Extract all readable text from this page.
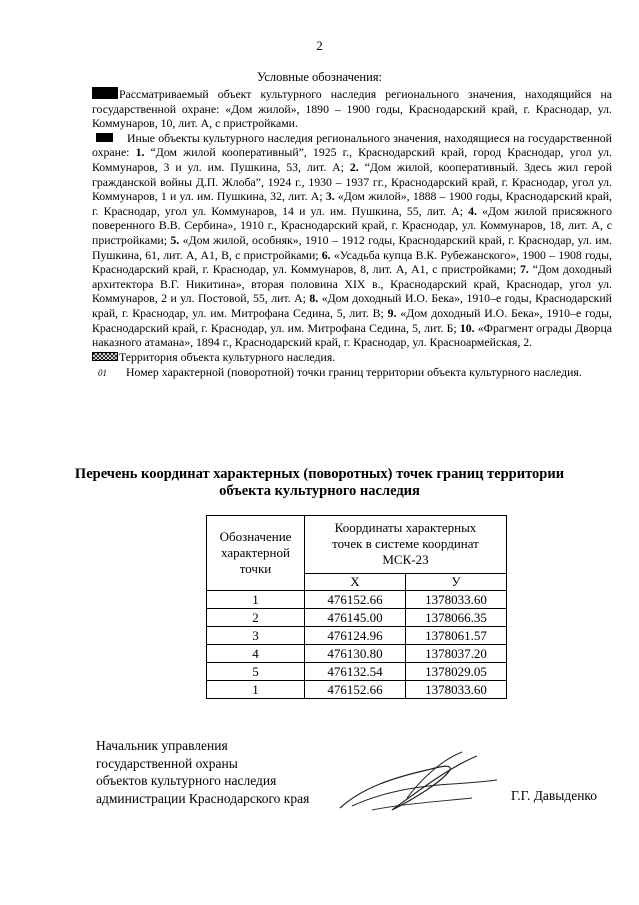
2
Условные обозначения:

Рассматриваемый объект культурного наследия регионального значения, находящийся на государственной охране: «Дом жилой», 1890 – 1900 годы, Краснодарский край, г. Краснодар, ул. Коммунаров, 10, лит. А, с пристройками.

Иные объекты культурного наследия регионального значения, находящиеся на государственной охране: 1. “Дом жилой кооперативный”, 1925 г., Краснодарский край, город Краснодар, угол ул. Коммунаров, 3 и ул. им. Пушкина, 53, лит. А; 2. “Дом жилой, кооперативный. Здесь жил герой гражданской войны Д.П. Жлоба”, 1924 г., 1930 – 1937 гг., Краснодарский край, г. Краснодар, угол ул. Коммунаров, 1 и ул. им. Пушкина, 32, лит. А; 3. «Дом жилой», 1888 – 1900 годы, Краснодарский край, г. Краснодар, угол ул. Коммунаров, 14 и ул. им. Пушкина, 55, лит. А; 4. «Дом жилой присяжного поверенного В.В. Сербина», 1910 г., Краснодарский край, г. Краснодар, ул. Коммунаров, 18, лит. А, с пристройками; 5. «Дом жилой, особняк», 1910 – 1912 годы, Краснодарский край, г. Краснодар, ул. им. Пушкина, 61, лит. А, А1, В, с пристройками; 6. «Усадьба купца В.К. Рубежанского», 1900 – 1908 годы, Краснодарский край, г. Краснодар, ул. Коммунаров, 8, лит. А, А1, с пристройками; 7. “Дом доходный архитектора В.Г. Никитина», вторая половина XIX в., Краснодарский край, Краснодар, угол ул. Коммунаров, 2 и ул. Постовой, 55, лит. А; 8. «Дом доходный И.О. Бека», 1910–е годы, Краснодарский край, г. Краснодар, ул. им. Митрофана Седина, 5, лит. В; 9. «Дом доходный И.О. Бека», 1910–е годы, Краснодарский край, г. Краснодар, ул. им. Митрофана Седина, 5, лит. Б; 10. «Фрагмент ограды Дворца наказного атамана», 1894 г., Краснодарский край, г. Краснодар, ул. Красноармейская, 2.

Территория объекта культурного наследия.

01	Номер характерной (поворотной) точки границ территории объекта культурного наследия.
Перечень координат характерных (поворотных) точек границ территории
объекта культурного наследия
Обозначение характерной точки	Координаты характерных
точек в системе координат
МСК-23	

	X	У
1	476152.66	1378033.60
2	476145.00	1378066.35
3	476124.96	1378061.57
4	476130.80	1378037.20
5	476132.54	1378029.05
1	476152.66	1378033.60
Начальник управления
государственной охраны
объектов культурного наследия
администрации Краснодарского края	Г.Г. Давыденко
